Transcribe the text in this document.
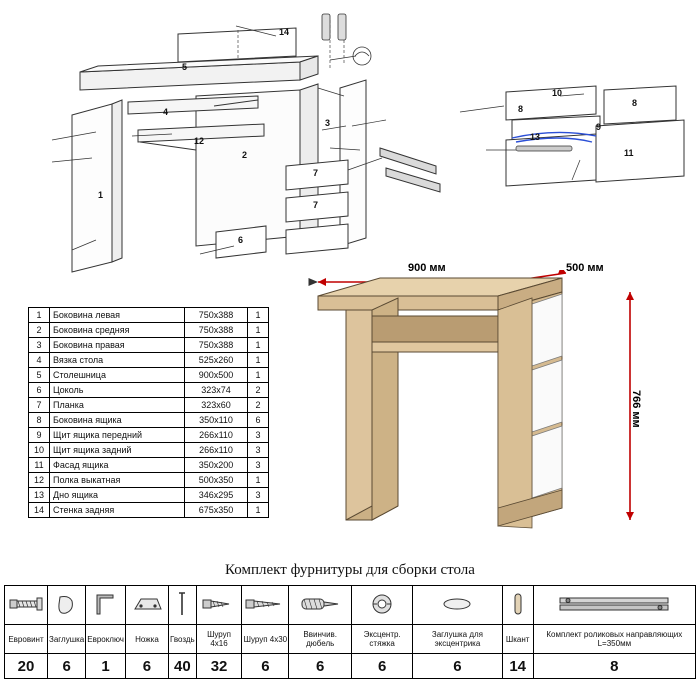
1
2
3
4
5
6
7
7
12
14
8
8
9
10
11
13
1	Боковина левая	750x388	1
2	Боковина средняя	750x388	1
3	Боковина правая	750x388	1
4	Вязка стола	525x260	1
5	Столешница	900x500	1
6	Цоколь	323x74	2
7	Планка	323x60	2
8	Боковина ящика	350x110	6
9	Щит ящика передний	266x110	3
10	Щит ящика задний	266x110	3
11	Фасад ящика	350x200	3
12	Полка выкатная	500x350	1
13	Дно ящика	346x295	3
14	Стенка задняя	675x350	1
900 мм	500 мм
766 мм
Комплект фурнитуры для сборки стола

Евровинт	Заглушка	Евроключ	Ножка	Гвоздь	Шуруп 4х16	Шуруп 4х30	Ввинчив. дюбель	Эксцентр. стяжка	Заглушка для эксцентрика	Шкант	Комплект роликовых направляющих L=350мм
20	6	1	6	40	32	6	6	6	6	14	8
